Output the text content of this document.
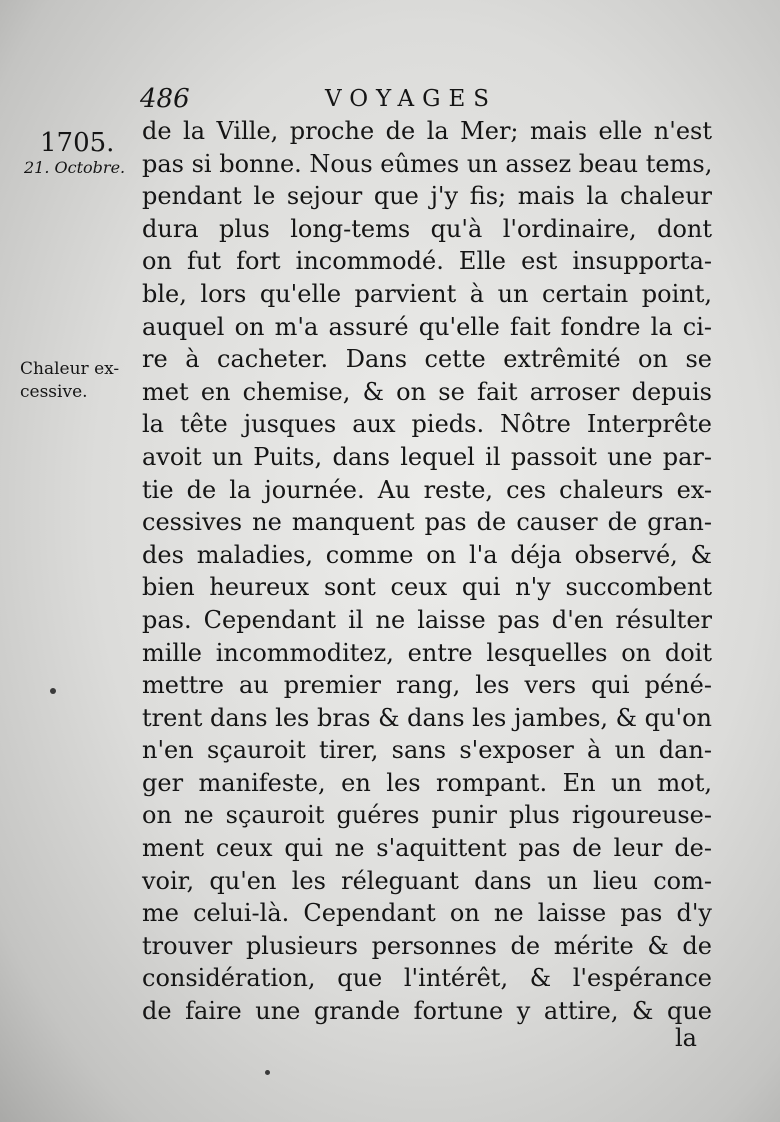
486	VOYAGES
1705.
21. Octobre.
Chaleur ex-
cessive.
de la Ville, proche de la Mer; mais elle n'est
pas si bonne. Nous eûmes un assez beau tems,
pendant le sejour que j'y fis; mais la chaleur
dura plus long-tems qu'à l'ordinaire, dont
on fut fort incommodé. Elle est insupporta-
ble, lors qu'elle parvient à un certain point,
auquel on m'a assuré qu'elle fait fondre la ci-
re à cacheter. Dans cette extrêmité on se
met en chemise, & on se fait arroser depuis
la tête jusques aux pieds. Nôtre Interprête
avoit un Puits, dans lequel il passoit une par-
tie de la journée. Au reste, ces chaleurs ex-
cessives ne manquent pas de causer de gran-
des maladies, comme on l'a déja observé, &
bien heureux sont ceux qui n'y succombent
pas. Cependant il ne laisse pas d'en résulter
mille incommoditez, entre lesquelles on doit
mettre au premier rang, les vers qui péné-
trent dans les bras & dans les jambes, & qu'on
n'en sçauroit tirer, sans s'exposer à un dan-
ger manifeste, en les rompant. En un mot,
on ne sçauroit guéres punir plus rigoureuse-
ment ceux qui ne s'aquittent pas de leur de-
voir, qu'en les réleguant dans un lieu com-
me celui-là. Cependant on ne laisse pas d'y
trouver plusieurs personnes de mérite & de
considération, que l'intérêt, & l'espérance
de faire une grande fortune y attire, & que
la
